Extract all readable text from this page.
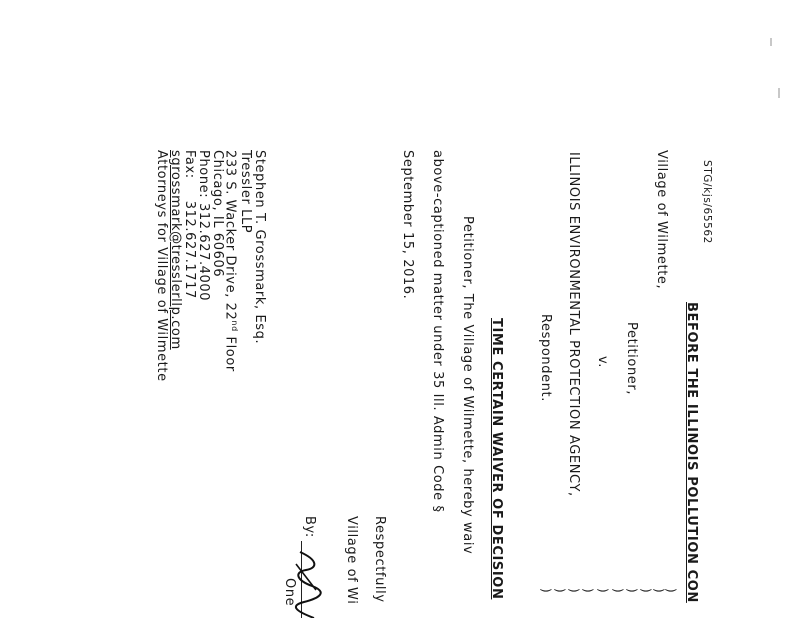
STG/kjs/65562
BEFORE THE ILLINOIS POLLUTION CON
Village of Wilmette,
Petitioner,
v.
ILLINOIS ENVIRONMENTAL PROTECTION AGENCY,
Respondent.
)
)
)
)
)
)
)
)
)
)
TIME CERTAIN WAIVER OF DECISION
Petitioner, The Village of Wilmette, hereby waiv
above-captioned matter under 35 Ill. Admin Code §
September 15, 2016.
Respectfully
Village of Wi
By:
One
Stephen T. Grossmark, Esq.
Tressler LLP
233 S. Wacker Drive, 22nd Floor
Chicago, IL 60606
Phone: 312.627.4000
Fax:312.627.1717
sgrossmark@tresslerllp.com
Attorneys for Village of Wilmette
